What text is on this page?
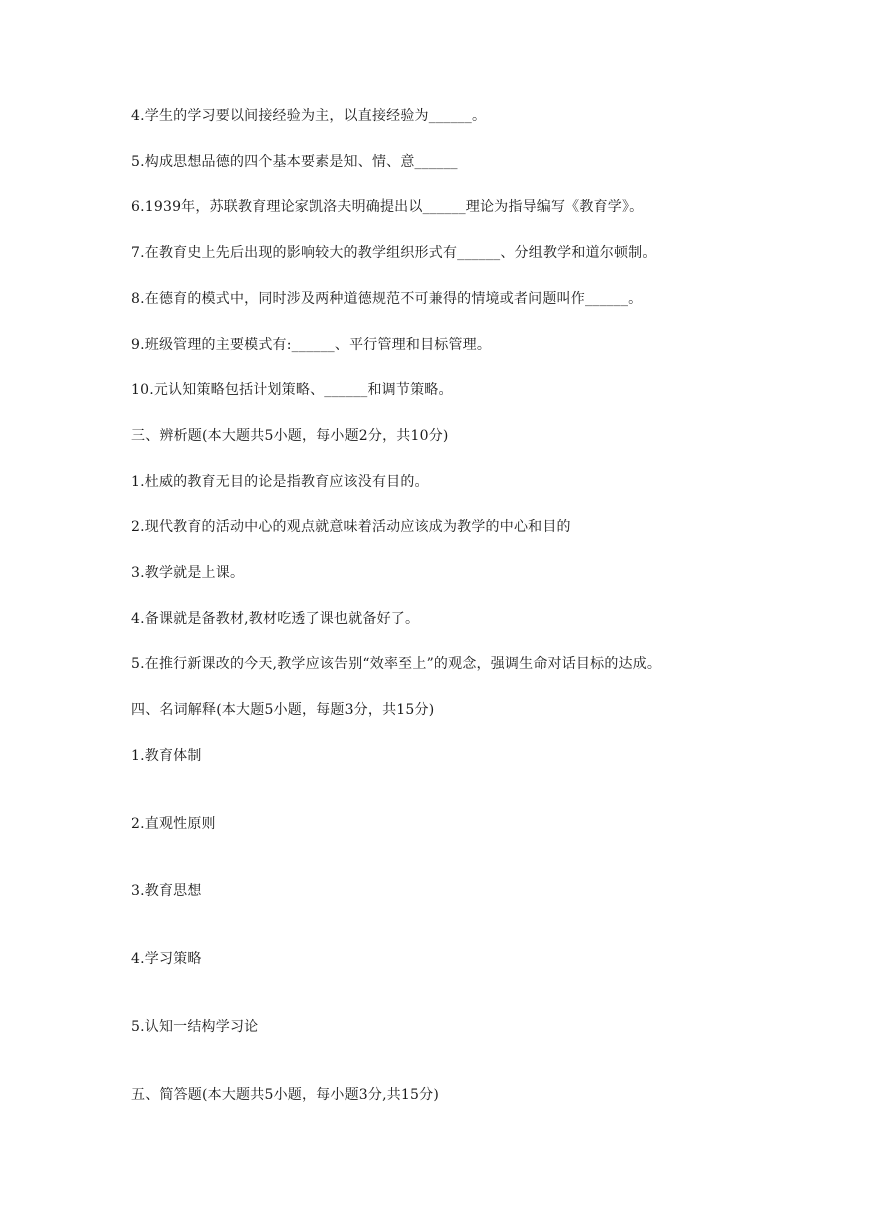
4.学生的学习要以间接经验为主，以直接经验为______。
5.构成思想品德的四个基本要素是知、情、意______
6.1939年，苏联教育理论家凯洛夫明确提出以______理论为指导编写《教育学》。
7.在教育史上先后出现的影响较大的教学组织形式有______、分组教学和道尔顿制。
8.在德育的模式中，同时涉及两种道德规范不可兼得的情境或者问题叫作______。
9.班级管理的主要模式有:______、平行管理和目标管理。
10.元认知策略包括计划策略、______和调节策略。
三、辨析题(本大题共5小题，每小题2分，共10分)
1.杜威的教育无目的论是指教育应该没有目的。
2.现代教育的活动中心的观点就意味着活动应该成为教学的中心和目的
3.教学就是上课。
4.备课就是备教材,教材吃透了课也就备好了。
5.在推行新课改的今天,教学应该告别“效率至上”的观念，强调生命对话目标的达成。
四、名词解释(本大题5小题，每题3分，共15分)
1.教育体制
2.直观性原则
3.教育思想
4.学习策略
5.认知一结构学习论
五、简答题(本大题共5小题，每小题3分,共15分)
